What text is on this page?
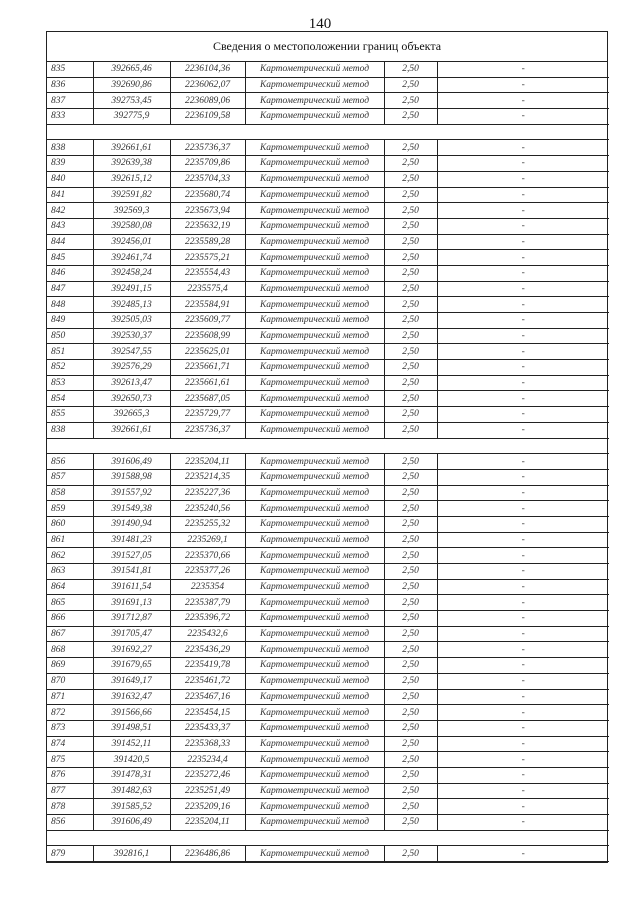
140
Сведения о местоположении границ объекта
835	392665,46	2236104,36	Картометрический метод	2,50	-
836	392690,86	2236062,07	Картометрический метод	2,50	-
837	392753,45	2236089,06	Картометрический метод	2,50	-
833	392775,9	2236109,58	Картометрический метод	2,50	-

838	392661,61	2235736,37	Картометрический метод	2,50	-
839	392639,38	2235709,86	Картометрический метод	2,50	-
840	392615,12	2235704,33	Картометрический метод	2,50	-
841	392591,82	2235680,74	Картометрический метод	2,50	-
842	392569,3	2235673,94	Картометрический метод	2,50	-
843	392580,08	2235632,19	Картометрический метод	2,50	-
844	392456,01	2235589,28	Картометрический метод	2,50	-
845	392461,74	2235575,21	Картометрический метод	2,50	-
846	392458,24	2235554,43	Картометрический метод	2,50	-
847	392491,15	2235575,4	Картометрический метод	2,50	-
848	392485,13	2235584,91	Картометрический метод	2,50	-
849	392505,03	2235609,77	Картометрический метод	2,50	-
850	392530,37	2235608,99	Картометрический метод	2,50	-
851	392547,55	2235625,01	Картометрический метод	2,50	-
852	392576,29	2235661,71	Картометрический метод	2,50	-
853	392613,47	2235661,61	Картометрический метод	2,50	-
854	392650,73	2235687,05	Картометрический метод	2,50	-
855	392665,3	2235729,77	Картометрический метод	2,50	-
838	392661,61	2235736,37	Картометрический метод	2,50	-

856	391606,49	2235204,11	Картометрический метод	2,50	-
857	391588,98	2235214,35	Картометрический метод	2,50	-
858	391557,92	2235227,36	Картометрический метод	2,50	-
859	391549,38	2235240,56	Картометрический метод	2,50	-
860	391490,94	2235255,32	Картометрический метод	2,50	-
861	391481,23	2235269,1	Картометрический метод	2,50	-
862	391527,05	2235370,66	Картометрический метод	2,50	-
863	391541,81	2235377,26	Картометрический метод	2,50	-
864	391611,54	2235354	Картометрический метод	2,50	-
865	391691,13	2235387,79	Картометрический метод	2,50	-
866	391712,87	2235396,72	Картометрический метод	2,50	-
867	391705,47	2235432,6	Картометрический метод	2,50	-
868	391692,27	2235436,29	Картометрический метод	2,50	-
869	391679,65	2235419,78	Картометрический метод	2,50	-
870	391649,17	2235461,72	Картометрический метод	2,50	-
871	391632,47	2235467,16	Картометрический метод	2,50	-
872	391566,66	2235454,15	Картометрический метод	2,50	-
873	391498,51	2235433,37	Картометрический метод	2,50	-
874	391452,11	2235368,33	Картометрический метод	2,50	-
875	391420,5	2235234,4	Картометрический метод	2,50	-
876	391478,31	2235272,46	Картометрический метод	2,50	-
877	391482,63	2235251,49	Картометрический метод	2,50	-
878	391585,52	2235209,16	Картометрический метод	2,50	-
856	391606,49	2235204,11	Картометрический метод	2,50	-

879	392816,1	2236486,86	Картометрический метод	2,50	-
